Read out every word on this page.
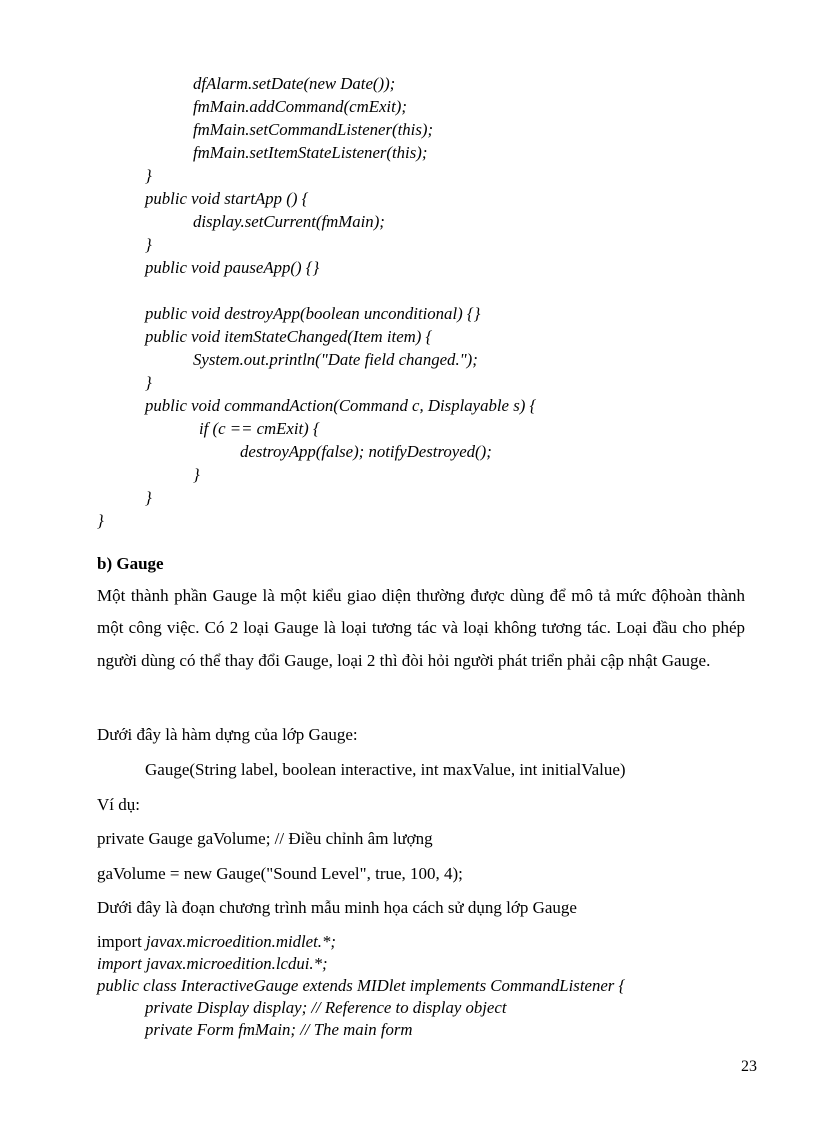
dfAlarm.setDate(new Date());
fmMain.addCommand(cmExit);
fmMain.setCommandListener(this);
fmMain.setItemStateListener(this);
}
public void startApp () {
display.setCurrent(fmMain);
}
public void pauseApp() {}
public void destroyApp(boolean unconditional) {}
public void itemStateChanged(Item item) {
System.out.println("Date field changed.");
}
public void commandAction(Command c, Displayable s) {
if (c == cmExit) {
destroyApp(false); notifyDestroyed();
}
}
}
b) Gauge
Một thành phần Gauge là một kiểu giao diện thường được dùng để mô tả mức độhoàn thành một công việc. Có 2 loại Gauge là loại tương tác và loại không tương tác. Loại đầu cho phép người dùng có thể thay đổi Gauge, loại 2 thì đòi hỏi người phát triển phải cập nhật Gauge.
Dưới đây là hàm dựng của lớp Gauge:
Gauge(String label, boolean interactive, int maxValue, int initialValue)
Ví dụ:
private Gauge gaVolume; // Điều chỉnh âm lượng
gaVolume = new Gauge("Sound Level", true, 100, 4);
Dưới đây là đoạn chương trình mẫu minh họa cách sử dụng lớp Gauge
import javax.microedition.midlet.*;
import javax.microedition.lcdui.*;
public class InteractiveGauge extends MIDlet implements CommandListener {
private Display display; // Reference to display object
private Form fmMain; // The main form
23
